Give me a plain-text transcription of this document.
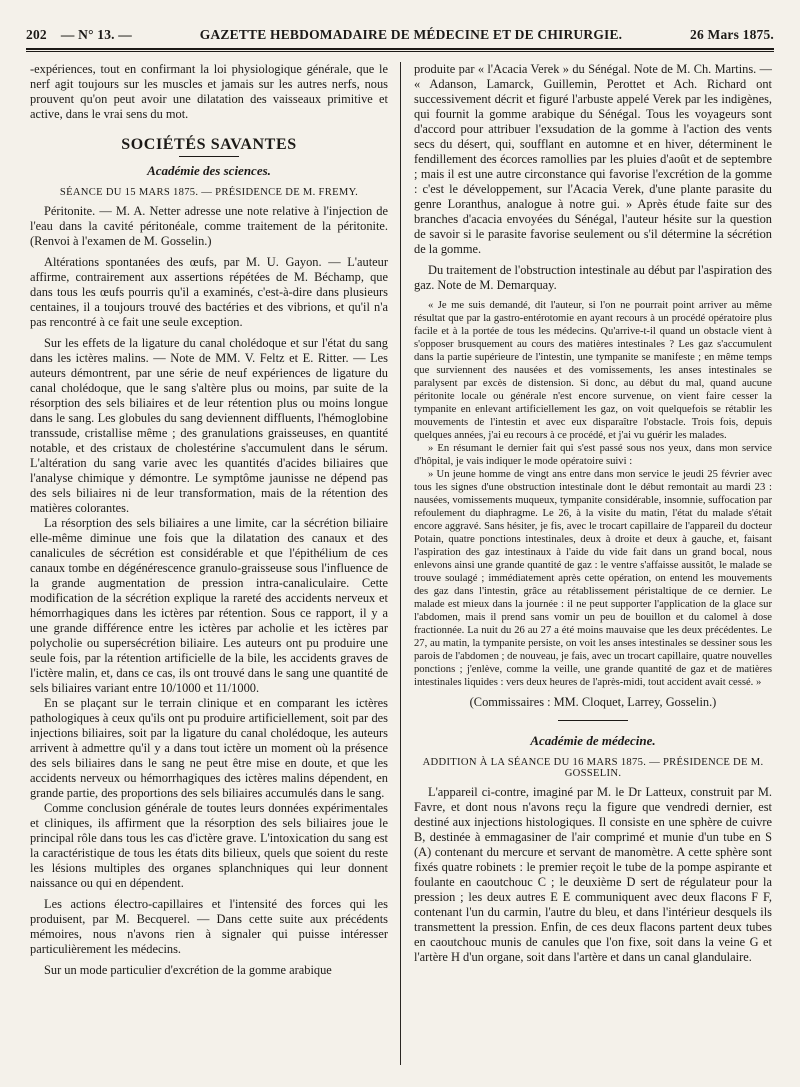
202 — N° 13. —	GAZETTE HEBDOMADAIRE DE MÉDECINE ET DE CHIRURGIE.	26 Mars 1875.

-expériences, tout en confirmant la loi physiologique générale, que le nerf agit toujours sur les muscles et jamais sur les autres nerfs, nous prouvent qu'on peut avoir une dilatation des vaisseaux primitive et active, dans le vrai sens du mot.

SOCIÉTÉS SAVANTES
Académie des sciences.
SÉANCE DU 15 MARS 1875. — PRÉSIDENCE DE M. FREMY.

Péritonite. — M. A. Netter adresse une note relative à l'injection de l'eau dans la cavité péritonéale, comme traitement de la péritonite. (Renvoi à l'examen de M. Gosselin.)

Altérations spontanées des œufs, par M. U. Gayon. — L'auteur affirme, contrairement aux assertions répétées de M. Béchamp, que dans tous les œufs pourris qu'il a examinés, c'est-à-dire dans plusieurs centaines, il a toujours trouvé des bactéries et des vibrions, et qu'il n'a pas rencontré à ce fait une seule exception.

Sur les effets de la ligature du canal cholédoque et sur l'état du sang dans les ictères malins. — Note de MM. V. Feltz et E. Ritter. — Les auteurs démontrent, par une série de neuf expériences de ligature du canal cholédoque, que le sang s'altère plus ou moins, par suite de la résorption des sels biliaires et de leur rétention plus ou moins longue dans le sang. Les globules du sang deviennent diffluents, l'hémoglobine transsude, cristallise même ; des granulations graisseuses, en quantité notable, et des cristaux de cholestérine s'accumulent dans le sérum. L'altération du sang varie avec les quantités d'acides biliaires que l'analyse chimique y démontre. Le symptôme jaunisse ne dépend pas des sels biliaires ni de leur transformation, mais de la rétention des matières colorantes.

La résorption des sels biliaires a une limite, car la sécrétion biliaire elle-même diminue une fois que la dilatation des canaux et des canalicules de sécrétion est considérable et que l'épithélium de ces canaux tombe en dégénérescence granulo-graisseuse sous l'influence de la grande augmentation de pression intra-canaliculaire. Cette modification de la sécrétion explique la rareté des accidents nerveux et hémorrhagiques dans les ictères par rétention. Sous ce rapport, il y a une grande différence entre les ictères par acholie et les ictères par polycholie ou supersécrétion biliaire. Les auteurs ont pu produire une seule fois, par la rétention artificielle de la bile, les accidents graves de l'ictère malin, et, dans ce cas, ils ont trouvé dans le sang une quantité de sels biliaires variant entre 10/1000 et 11/1000.

En se plaçant sur le terrain clinique et en comparant les ictères pathologiques à ceux qu'ils ont pu produire artificiellement, soit par des injections biliaires, soit par la ligature du canal cholédoque, les auteurs arrivent à admettre qu'il y a dans tout ictère un moment où la présence des sels biliaires dans le sang ne peut être mise en doute, et que les accidents nerveux ou hémorrhagiques des ictères malins dépendent, en grande partie, des proportions des sels biliaires accumulés dans le sang.

Comme conclusion générale de toutes leurs données expérimentales et cliniques, ils affirment que la résorption des sels biliaires joue le principal rôle dans tous les cas d'ictère grave. L'intoxication du sang est la caractéristique de tous les états dits bilieux, quels que soient du reste les lésions multiples des organes splanchniques qui leur donnent naissance ou qui en dépendent.

Les actions électro-capillaires et l'intensité des forces qui les produisent, par M. Becquerel. — Dans cette suite aux précédents mémoires, nous n'avons rien à signaler qui puisse intéresser particulièrement les médecins.

Sur un mode particulier d'excrétion de la gomme arabique

produite par « l'Acacia Verek » du Sénégal. Note de M. Ch. Martins. — « Adanson, Lamarck, Guillemin, Perottet et Ach. Richard ont successivement décrit et figuré l'arbuste appelé Verek par les indigènes, qui fournit la gomme arabique du Sénégal. Tous les voyageurs sont d'accord pour attribuer l'exsudation de la gomme à l'action des vents secs du désert, qui, soufflant en automne et en hiver, déterminent le fendillement des écorces ramollies par les pluies d'août et de septembre ; mais il est une autre circonstance qui favorise l'excrétion de la gomme : c'est le développement, sur l'Acacia Verek, d'une plante parasite du genre Loranthus, analogue à notre gui. » Après étude faite sur des branches d'acacia envoyées du Sénégal, l'auteur hésite sur la question de savoir si le parasite favorise seulement ou s'il détermine la sécrétion de la gomme.

Du traitement de l'obstruction intestinale au début par l'aspiration des gaz. Note de M. Demarquay.

« Je me suis demandé, dit l'auteur, si l'on ne pourrait point arriver au même résultat que par la gastro-entérotomie en ayant recours à un procédé opératoire plus facile et à la portée de tous les médecins. Qu'arrive-t-il quand un obstacle vient à s'opposer brusquement au cours des matières intestinales ? Les gaz s'accumulent dans la partie supérieure de l'intestin, une tympanite se manifeste ; en même temps que surviennent des nausées et des vomissements, les anses intestinales se paralysent par excès de distension. Si donc, au début du mal, quand aucune péritonite locale ou générale n'est encore survenue, on vient faire cesser la tympanite en enlevant artificiellement les gaz, on voit quelquefois se rétablir les mouvements de l'intestin et avec eux disparaître l'obstacle. Trois fois, depuis quelques années, j'ai eu recours à ce procédé, et j'ai vu guérir les malades.

» En résumant le dernier fait qui s'est passé sous nos yeux, dans mon service d'hôpital, je vais indiquer le mode opératoire suivi :

» Un jeune homme de vingt ans entre dans mon service le jeudi 25 février avec tous les signes d'une obstruction intestinale dont le début remontait au mardi 23 : nausées, vomissements muqueux, tympanite considérable, insomnie, suffocation par refoulement du diaphragme. Le 26, à la visite du matin, l'état du malade s'était encore aggravé. Sans hésiter, je fis, avec le trocart capillaire de l'appareil du docteur Potain, quatre ponctions intestinales, deux à droite et deux à gauche, et, faisant l'aspiration des gaz intestinaux à l'aide du vide fait dans un grand bocal, nous enlevons ainsi une grande quantité de gaz : le ventre s'affaisse aussitôt, le malade se trouve soulagé ; immédiatement après cette opération, on entend les mouvements des gaz dans l'intestin, grâce au rétablissement péristaltique de ce dernier. Le malade est mieux dans la journée : il ne peut supporter l'application de la glace sur l'abdomen, mais il prend sans vomir un peu de bouillon et du calomel à dose fractionnée. La nuit du 26 au 27 a été moins mauvaise que les deux précédentes. Le 27, au matin, la tympanite persiste, on voit les anses intestinales se dessiner sous les parois de l'abdomen ; de nouveau, je fais, avec un trocart capillaire, quatre nouvelles ponctions ; j'enlève, comme la veille, une grande quantité de gaz et de matières intestinales liquides : vers deux heures de l'après-midi, tout accident avait cessé. »

(Commissaires : MM. Cloquet, Larrey, Gosselin.)
Académie de médecine.
ADDITION À LA SÉANCE DU 16 MARS 1875. — PRÉSIDENCE DE M. GOSSELIN.

L'appareil ci-contre, imaginé par M. le Dr Latteux, construit par M. Favre, et dont nous n'avons reçu la figure que vendredi dernier, est destiné aux injections histologiques. Il consiste en une sphère de cuivre B, destinée à emmagasiner de l'air comprimé et munie d'un tube en S (A) contenant du mercure et servant de manomètre. A cette sphère sont fixés quatre robinets : le premier reçoit le tube de la pompe aspirante et foulante en caoutchouc C ; le deuxième D sert de régulateur pour la pression ; les deux autres E E communiquent avec deux flacons F F, contenant l'un du carmin, l'autre du bleu, et dans l'intérieur desquels ils transmettent la pression. Enfin, de ces deux flacons partent deux tubes en caoutchouc munis de canules que l'on fixe, soit dans la veine G et l'artère H d'un organe, soit dans l'artère et dans un canal glandulaire.
